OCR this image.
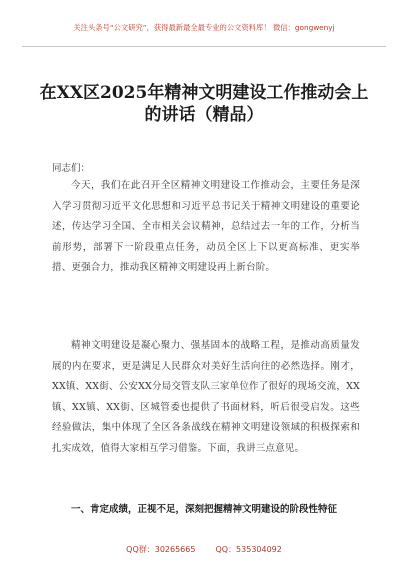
关注头条号“公文研究”，获得最新最全最专业的公文资料库！ 微信：gongwenyj
在XX区2025年精神文明建设工作推动会上的讲话（精品）
同志们：
今天，我们在此召开全区精神文明建设工作推动会，主要任务是深入学习贯彻习近平文化思想和习近平总书记关于精神文明建设的重要论述，传达学习全国、全市相关会议精神，总结过去一年的工作，分析当前形势，部署下一阶段重点任务，动员全区上下以更高标准、更实举措、更强合力，推动我区精神文明建设再上新台阶。
精神文明建设是凝心聚力、强基固本的战略工程，是推动高质量发展的内在要求，更是满足人民群众对美好生活向往的必然选择。刚才，XX镇、XX街、公安XX分局交管支队三家单位作了很好的现场交流，XX镇、XX镇、XX街、区城管委也提供了书面材料，听后很受启发。这些经验做法，集中体现了全区各条战线在精神文明建设领域的积极探索和扎实成效，值得大家相互学习借鉴。下面，我讲三点意见。
一、肯定成绩，正视不足，深刻把握精神文明建设的阶段性特征
QQ群：30265665	QQ：535304092
